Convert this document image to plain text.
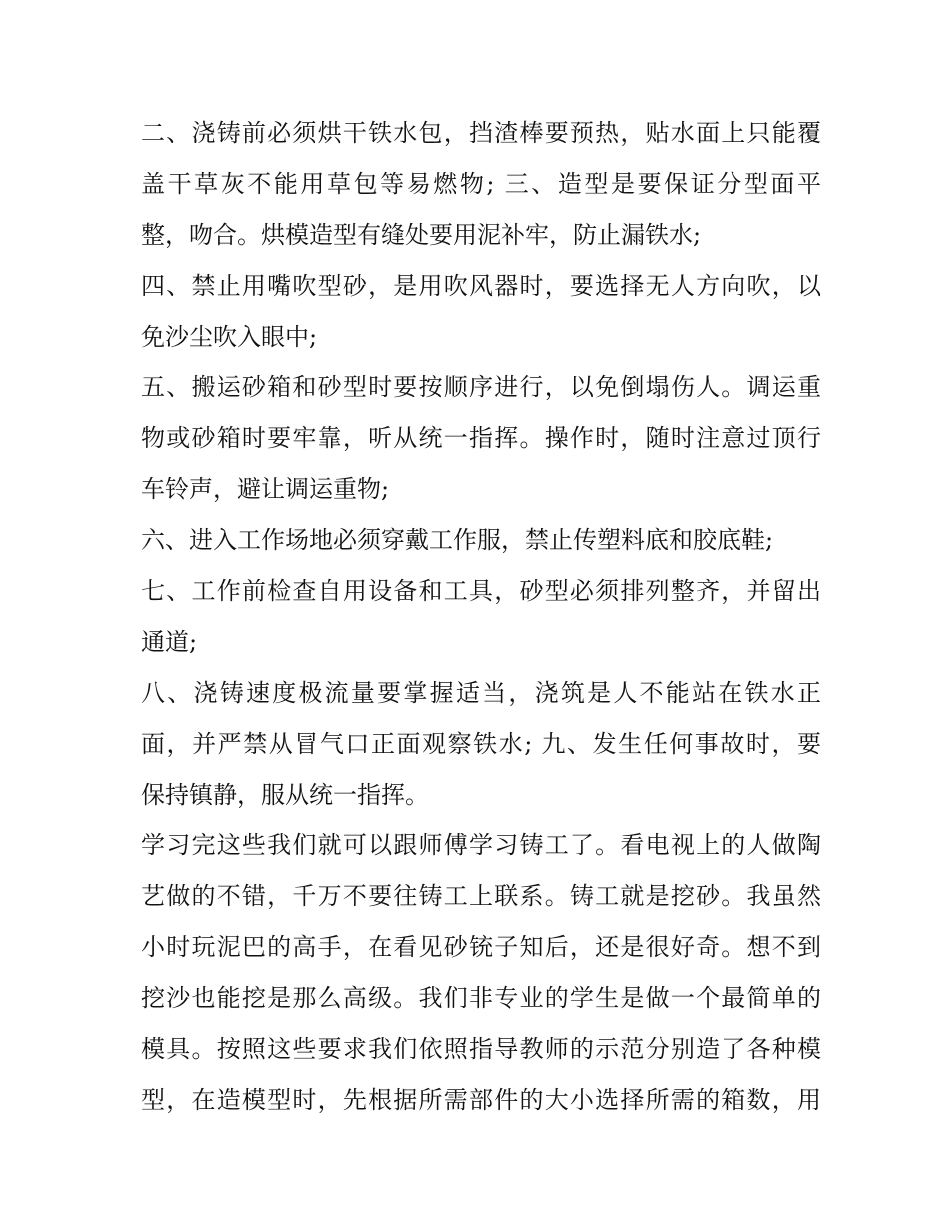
二、浇铸前必须烘干铁水包，挡渣棒要预热，贴水面上只能覆
盖干草灰不能用草包等易燃物; 三、造型是要保证分型面平
整，吻合。烘模造型有缝处要用泥补牢，防止漏铁水;
四、禁止用嘴吹型砂，是用吹风器时，要选择无人方向吹，以
免沙尘吹入眼中;
五、搬运砂箱和砂型时要按顺序进行，以免倒塌伤人。调运重
物或砂箱时要牢靠，听从统一指挥。操作时，随时注意过顶行
车铃声，避让调运重物;
六、进入工作场地必须穿戴工作服，禁止传塑料底和胶底鞋;
七、工作前检查自用设备和工具，砂型必须排列整齐，并留出
通道;
八、浇铸速度极流量要掌握适当，浇筑是人不能站在铁水正
面，并严禁从冒气口正面观察铁水; 九、发生任何事故时，要
保持镇静，服从统一指挥。
学习完这些我们就可以跟师傅学习铸工了。看电视上的人做陶
艺做的不错，千万不要往铸工上联系。铸工就是挖砂。我虽然
小时玩泥巴的高手，在看见砂铳子知后，还是很好奇。想不到
挖沙也能挖是那么高级。我们非专业的学生是做一个最简单的
模具。按照这些要求我们依照指导教师的示范分别造了各种模
型，在造模型时，先根据所需部件的大小选择所需的箱数，用
